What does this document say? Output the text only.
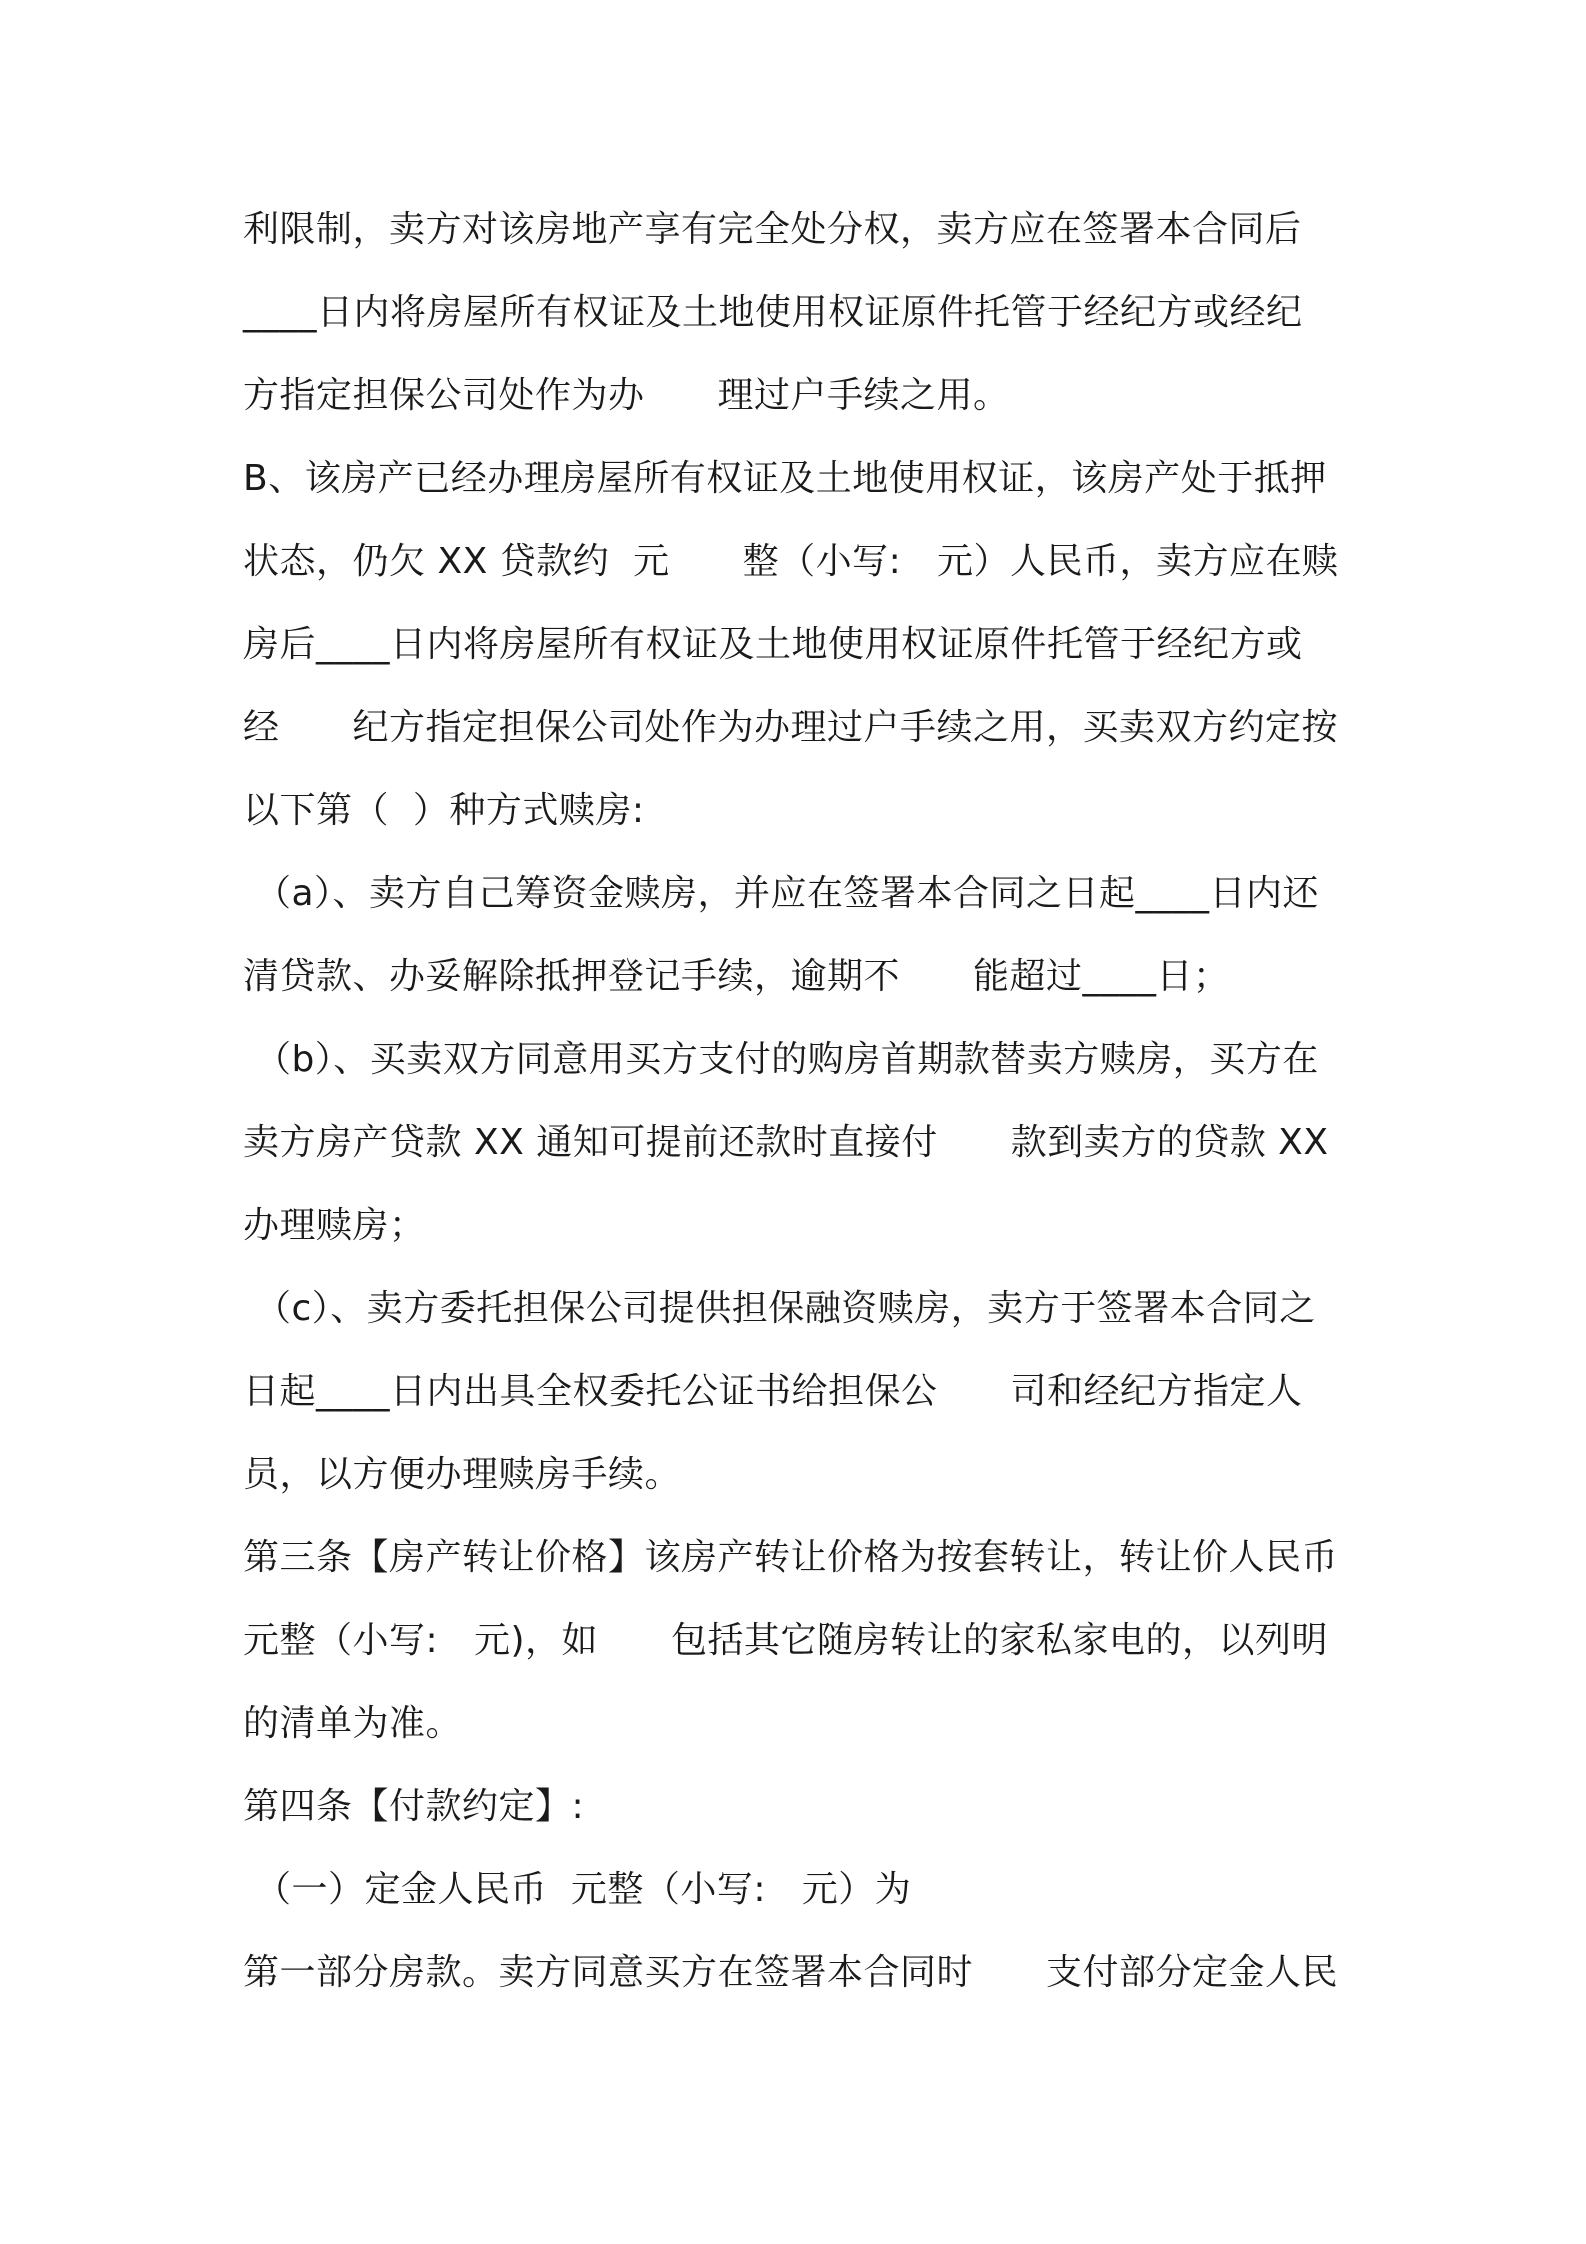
利限制，卖方对该房地产享有完全处分权，卖方应在签署本合同后
____日内将房屋所有权证及土地使用权证原件托管于经纪方或经纪
方指定担保公司处作为办　　理过户手续之用。
B、该房产已经办理房屋所有权证及土地使用权证，该房产处于抵押
状态，仍欠 XX 贷款约  元　　整（小写:   元）人民币，卖方应在赎
房后____日内将房屋所有权证及土地使用权证原件托管于经纪方或
经　　纪方指定担保公司处作为办理过户手续之用，买卖双方约定按
以下第（  ）种方式赎房:
（a）、卖方自己筹资金赎房，并应在签署本合同之日起____日内还
清贷款、办妥解除抵押登记手续，逾期不　　能超过____日；
（b）、买卖双方同意用买方支付的购房首期款替卖方赎房，买方在
卖方房产贷款 XX 通知可提前还款时直接付　　款到卖方的贷款 XX
办理赎房；
（c）、卖方委托担保公司提供担保融资赎房，卖方于签署本合同之
日起____日内出具全权委托公证书给担保公　　司和经纪方指定人
员，以方便办理赎房手续。
第三条【房产转让价格】该房产转让价格为按套转让，转让价人民币
元整（小写:   元)，如　　包括其它随房转让的家私家电的，以列明
的清单为准。
第四条【付款约定】:
（一）定金人民币  元整（小写:   元）为
第一部分房款。卖方同意买方在签署本合同时　　支付部分定金人民
